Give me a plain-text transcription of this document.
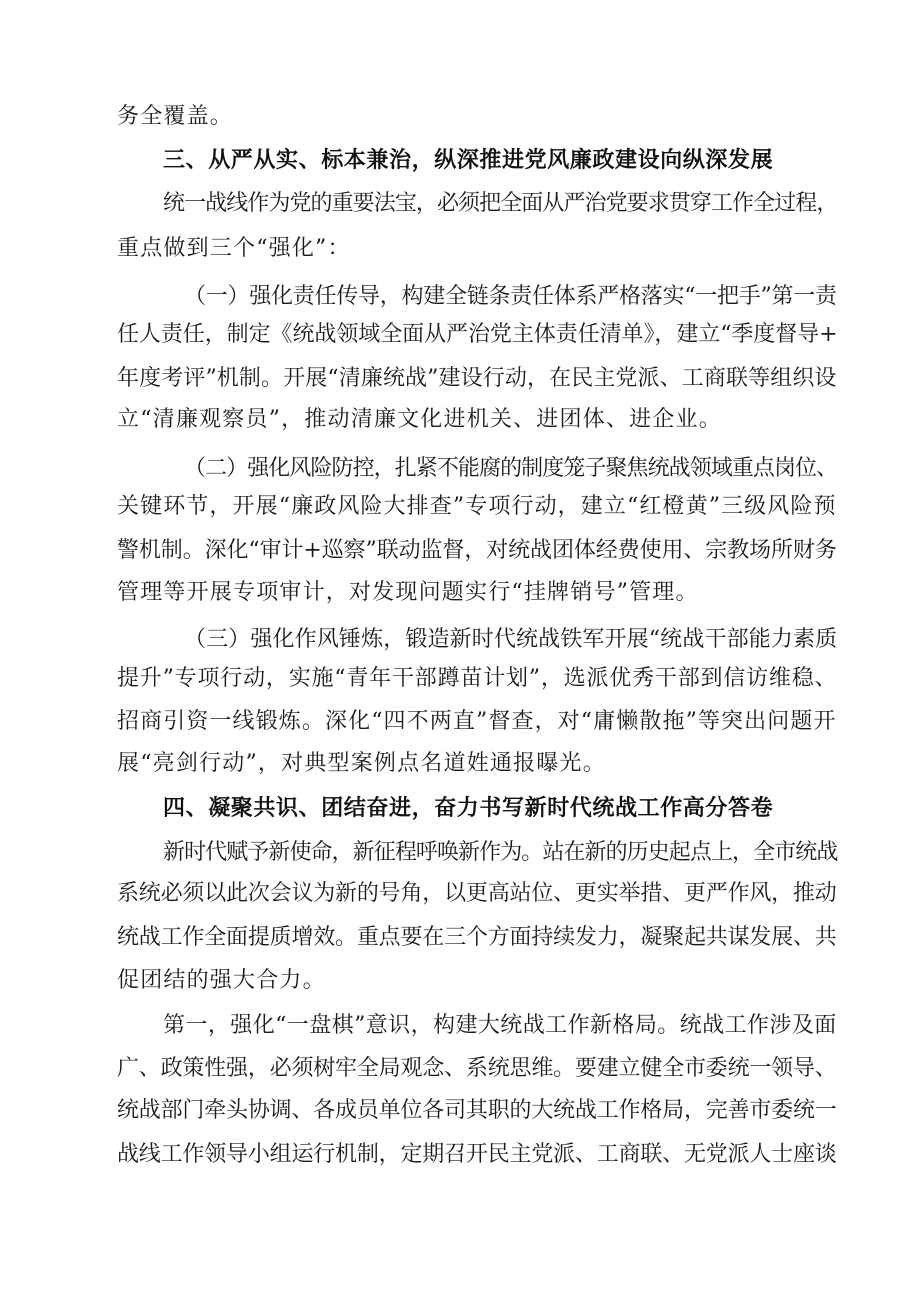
务全覆盖。
三、从严从实、标本兼治，纵深推进党风廉政建设向纵深发展
统一战线作为党的重要法宝，必须把全面从严治党要求贯穿工作全过程，
重点做到三个“强化”：
（一）强化责任传导，构建全链条责任体系严格落实“一把手”第一责
任人责任，制定《统战领域全面从严治党主体责任清单》，建立“季度督导+
年度考评”机制。开展“清廉统战”建设行动，在民主党派、工商联等组织设
立“清廉观察员”，推动清廉文化进机关、进团体、进企业。
（二）强化风险防控，扎紧不能腐的制度笼子聚焦统战领域重点岗位、
关键环节，开展“廉政风险大排查”专项行动，建立“红橙黄”三级风险预
警机制。深化“审计+巡察”联动监督，对统战团体经费使用、宗教场所财务
管理等开展专项审计，对发现问题实行“挂牌销号”管理。
（三）强化作风锤炼，锻造新时代统战铁军开展“统战干部能力素质
提升”专项行动，实施“青年干部蹲苗计划”，选派优秀干部到信访维稳、
招商引资一线锻炼。深化“四不两直”督查，对“庸懒散拖”等突出问题开
展“亮剑行动”，对典型案例点名道姓通报曝光。
四、凝聚共识、团结奋进，奋力书写新时代统战工作高分答卷
新时代赋予新使命，新征程呼唤新作为。站在新的历史起点上，全市统战
系统必须以此次会议为新的号角，以更高站位、更实举措、更严作风，推动
统战工作全面提质增效。重点要在三个方面持续发力，凝聚起共谋发展、共
促团结的强大合力。
第一，强化“一盘棋”意识，构建大统战工作新格局。统战工作涉及面
广、政策性强，必须树牢全局观念、系统思维。要建立健全市委统一领导、
统战部门牵头协调、各成员单位各司其职的大统战工作格局，完善市委统一
战线工作领导小组运行机制，定期召开民主党派、工商联、无党派人士座谈
